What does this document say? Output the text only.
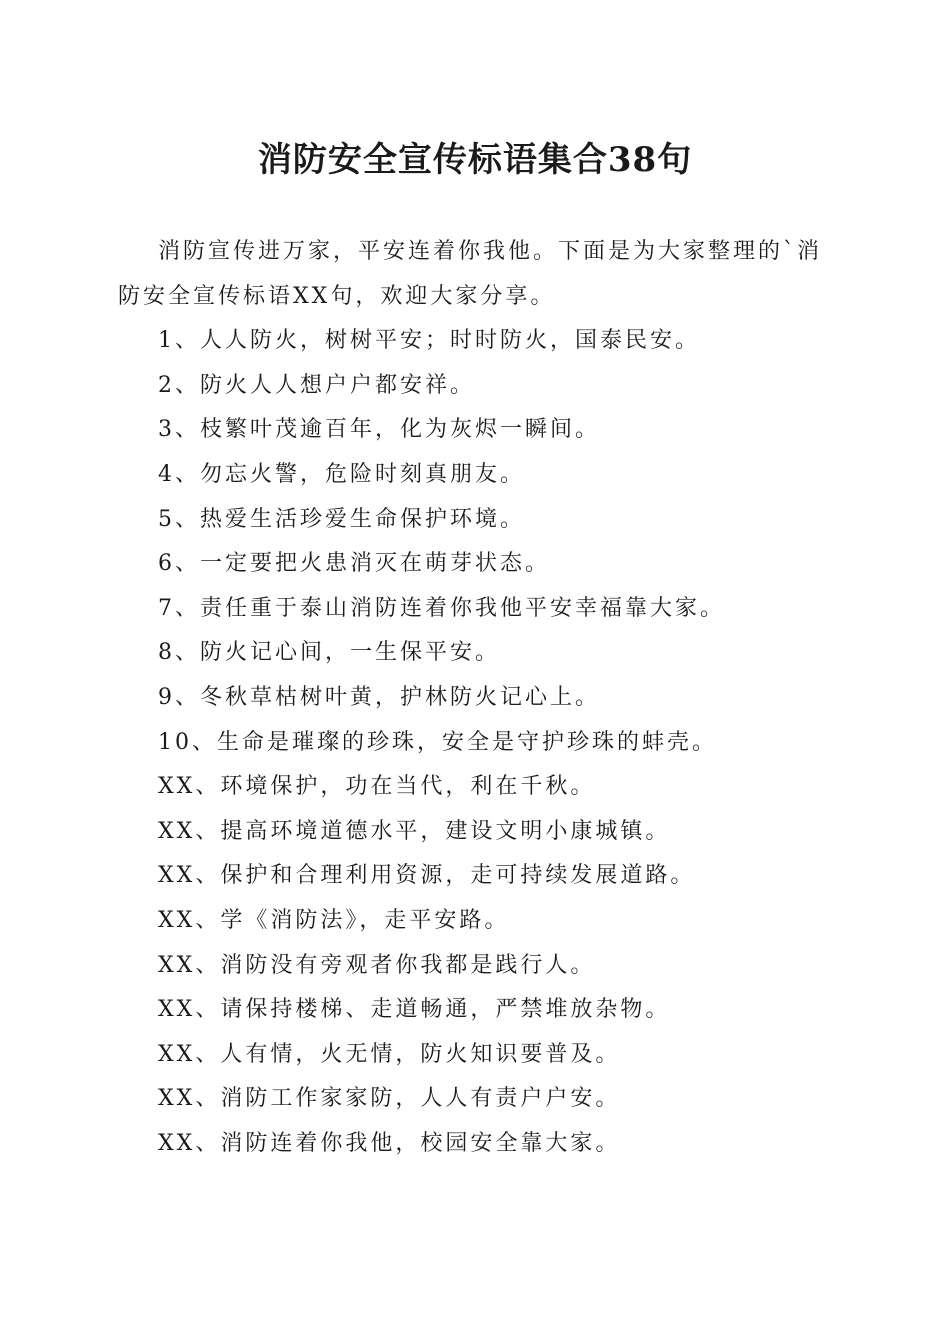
消防安全宣传标语集合38句

消防宣传进万家，平安连着你我他。下面是为大家整理的`消防安全宣传标语XX句，欢迎大家分享。

1、人人防火，树树平安；时时防火，国泰民安。
2、防火人人想户户都安祥。
3、枝繁叶茂逾百年，化为灰烬一瞬间。
4、勿忘火警，危险时刻真朋友。
5、热爱生活珍爱生命保护环境。
6、一定要把火患消灭在萌芽状态。
7、责任重于泰山消防连着你我他平安幸福靠大家。
8、防火记心间，一生保平安。
9、冬秋草枯树叶黄，护林防火记心上。
10、生命是璀璨的珍珠，安全是守护珍珠的蚌壳。
XX、环境保护，功在当代，利在千秋。
XX、提高环境道德水平，建设文明小康城镇。
XX、保护和合理利用资源，走可持续发展道路。
XX、学《消防法》，走平安路。
XX、消防没有旁观者你我都是践行人。
XX、请保持楼梯、走道畅通，严禁堆放杂物。
XX、人有情，火无情，防火知识要普及。
XX、消防工作家家防，人人有责户户安。
XX、消防连着你我他，校园安全靠大家。
